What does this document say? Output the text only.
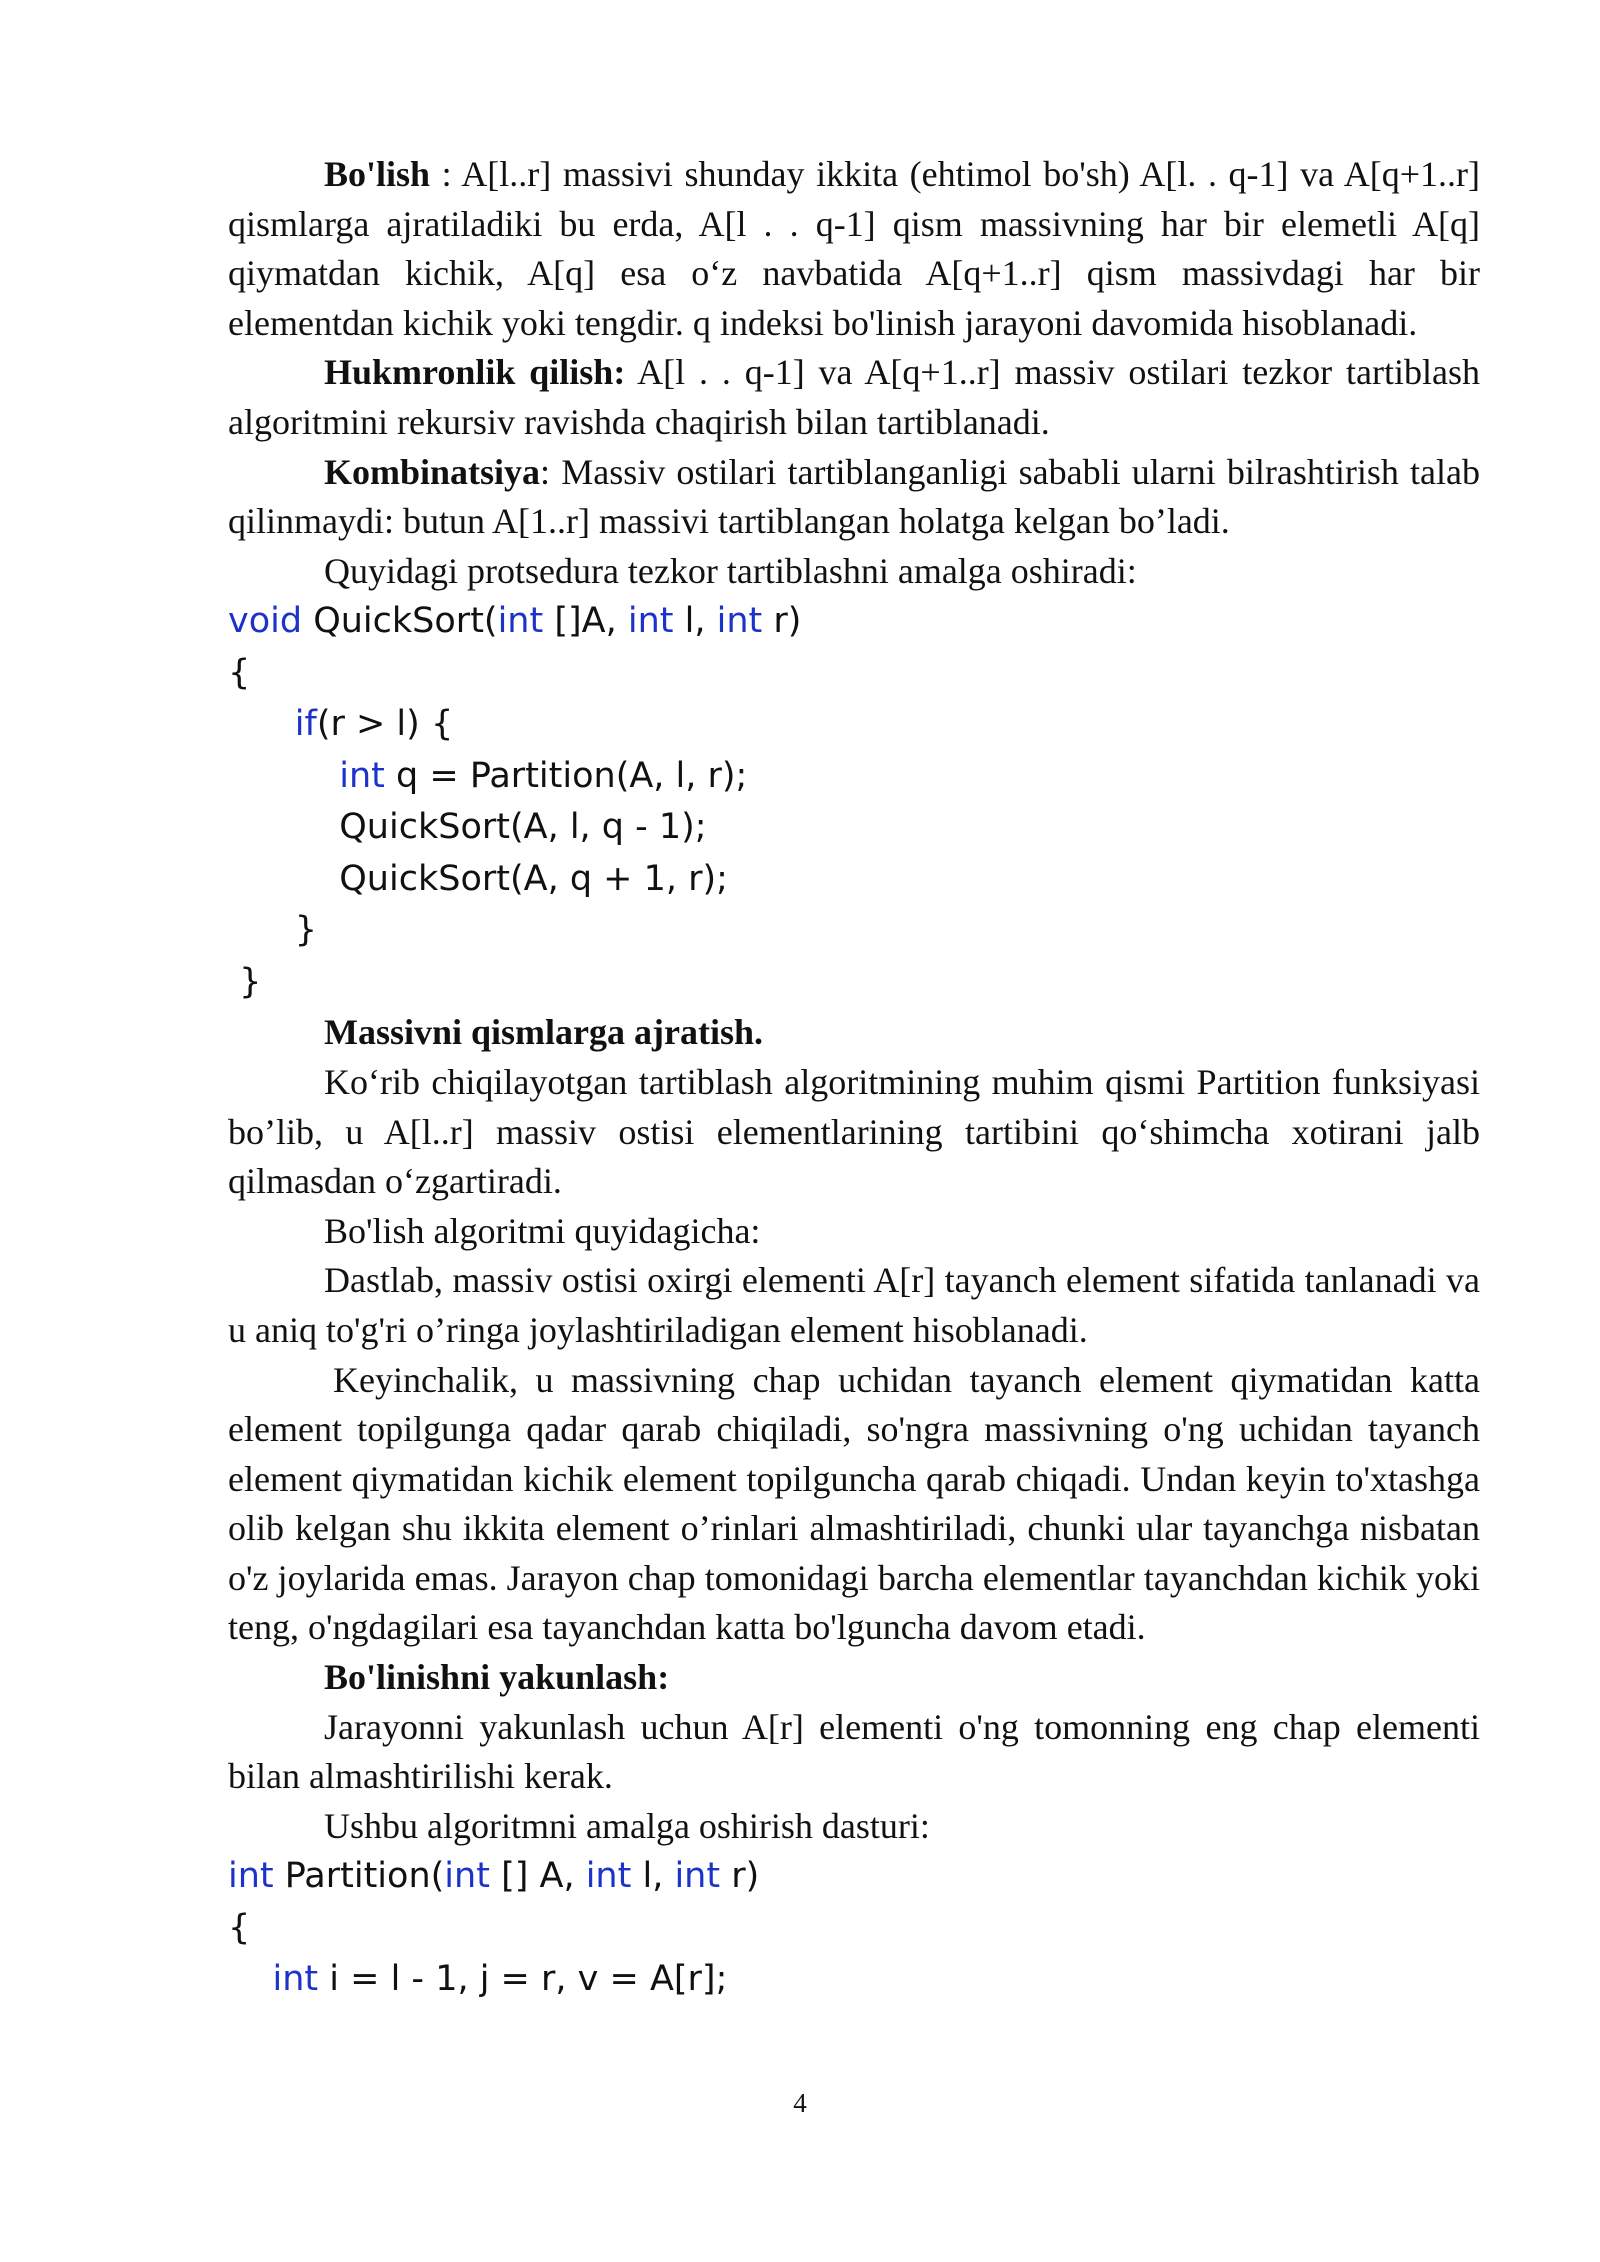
Bo'lish : A[l..r] massivi shunday ikkita (ehtimol bo'sh) A[l. . q-1] va A[q+1..r] qismlarga ajratiladiki bu erda, A[l . . q-1] qism massivning har bir elemetli A[q] qiymatdan kichik, A[q] esa o‘z navbatida A[q+1..r] qism massivdagi har bir elementdan kichik yoki tengdir. q indeksi bo'linish jarayoni davomida hisoblanadi.

Hukmronlik qilish: A[l . . q-1] va A[q+1..r] massiv ostilari tezkor tartiblash algoritmini rekursiv ravishda chaqirish bilan tartiblanadi.

Kombinatsiya: Massiv ostilari tartiblanganligi sababli ularni bilrashtirish talab qilinmaydi: butun A[1..r] massivi tartiblangan holatga kelgan bo’ladi.

Quyidagi protsedura tezkor tartiblashni amalga oshiradi:

void QuickSort(int []A, int l, int r)
{
if(r > l) {
int q = Partition(A, l, r);
QuickSort(A, l, q - 1);
QuickSort(A, q + 1, r);
}
}

Massivni qismlarga ajratish.

Ko‘rib chiqilayotgan tartiblash algoritmining muhim qismi Partition funksiyasi bo’lib, u A[l..r] massiv ostisi elementlarining tartibini qo‘shimcha xotirani jalb qilmasdan o‘zgartiradi.

Bo'lish algoritmi quyidagicha:

Dastlab, massiv ostisi oxirgi elementi A[r] tayanch element sifatida tanlanadi va u aniq to'g'ri o’ringa joylashtiriladigan element hisoblanadi.

Keyinchalik, u massivning chap uchidan tayanch element qiymatidan katta element topilgunga qadar qarab chiqiladi, so'ngra massivning o'ng uchidan tayanch element qiymatidan kichik element topilguncha qarab chiqadi. Undan keyin to'xtashga olib kelgan shu ikkita element o’rinlari almashtiriladi, chunki ular tayanchga nisbatan o'z joylarida emas. Jarayon chap tomonidagi barcha elementlar tayanchdan kichik yoki teng, o'ngdagilari esa tayanchdan katta bo'lguncha davom etadi.

Bo'linishni yakunlash:

Jarayonni yakunlash uchun A[r] elementi o'ng tomonning eng chap elementi bilan almashtirilishi kerak.

Ushbu algoritmni amalga oshirish dasturi:

int Partition(int [] A, int l, int r)
{
int i = l - 1, j = r, v = A[r];
4
